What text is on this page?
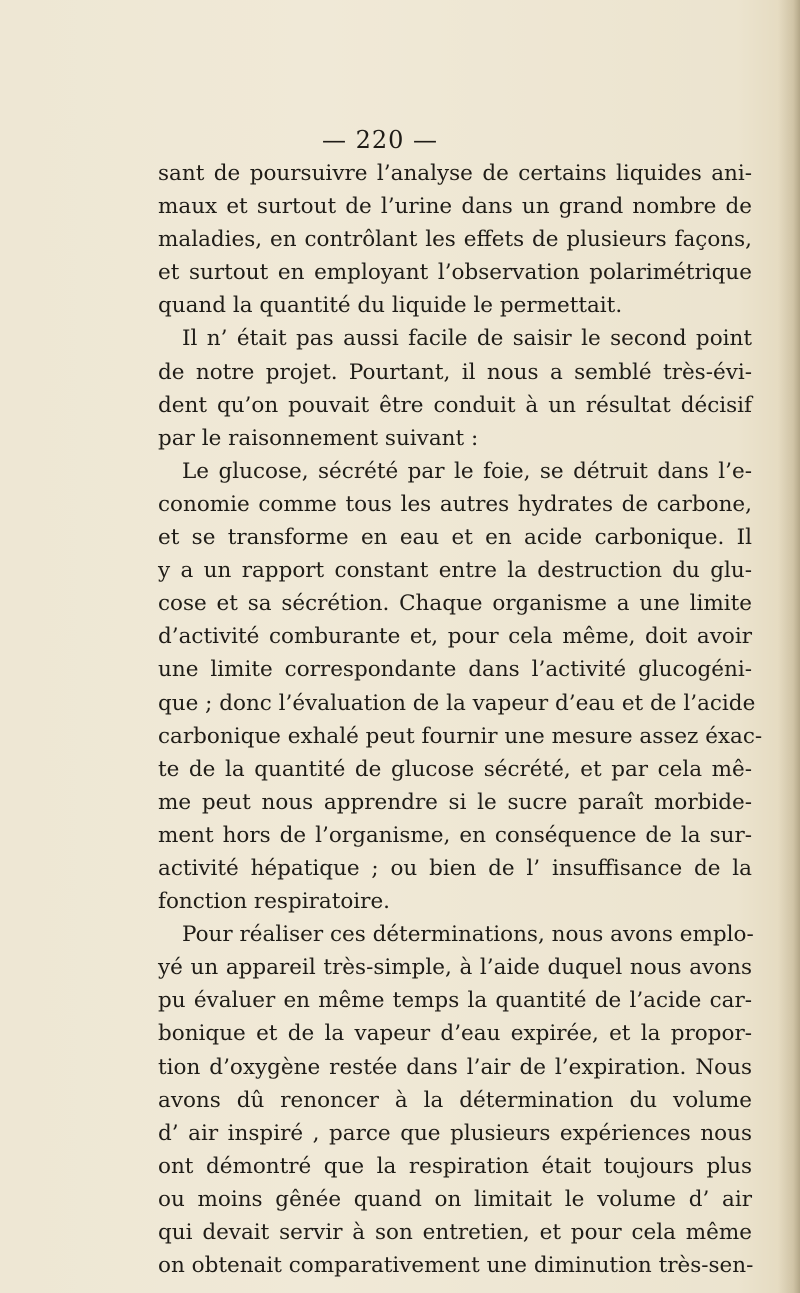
— 220 —
sant de poursuivre l’analyse de certains liquides ani-
maux et surtout de l’urine dans un grand nombre de
maladies, en contrôlant les effets de plusieurs façons,
et surtout en employant l’observation polarimétrique
quand la quantité du liquide le permettait.
Il n’ était pas aussi facile de saisir le second point
de notre projet. Pourtant, il nous a semblé très-évi-
dent qu’on pouvait être conduit à un résultat décisif
par le raisonnement suivant :
Le glucose, sécrété par le foie, se détruit dans l’e-
conomie comme tous les autres hydrates de carbone,
et se transforme en eau et en acide carbonique. Il
y a un rapport constant entre la destruction du glu-
cose et sa sécrétion. Chaque organisme a une limite
d’activité comburante et, pour cela même, doit avoir
une limite correspondante dans l’activité glucogéni-
que ; donc l’évaluation de la vapeur d’eau et de l’acide
carbonique exhalé peut fournir une mesure assez éxac-
te de la quantité de glucose sécrété, et par cela mê-
me peut nous apprendre si le sucre paraît morbide-
ment hors de l’organisme, en conséquence de la sur-
activité hépatique ; ou bien de l’ insuffisance de la
fonction respiratoire.
Pour réaliser ces déterminations, nous avons emplo-
yé un appareil très-simple, à l’aide duquel nous avons
pu évaluer en même temps la quantité de l’acide car-
bonique et de la vapeur d’eau expirée, et la propor-
tion d’oxygène restée dans l’air de l’expiration. Nous
avons dû renoncer à la détermination du volume
d’ air inspiré , parce que plusieurs expériences nous
ont démontré que la respiration était toujours plus
ou moins gênée quand on limitait le volume d’ air
qui devait servir à son entretien, et pour cela même
on obtenait comparativement une diminution très-sen-
